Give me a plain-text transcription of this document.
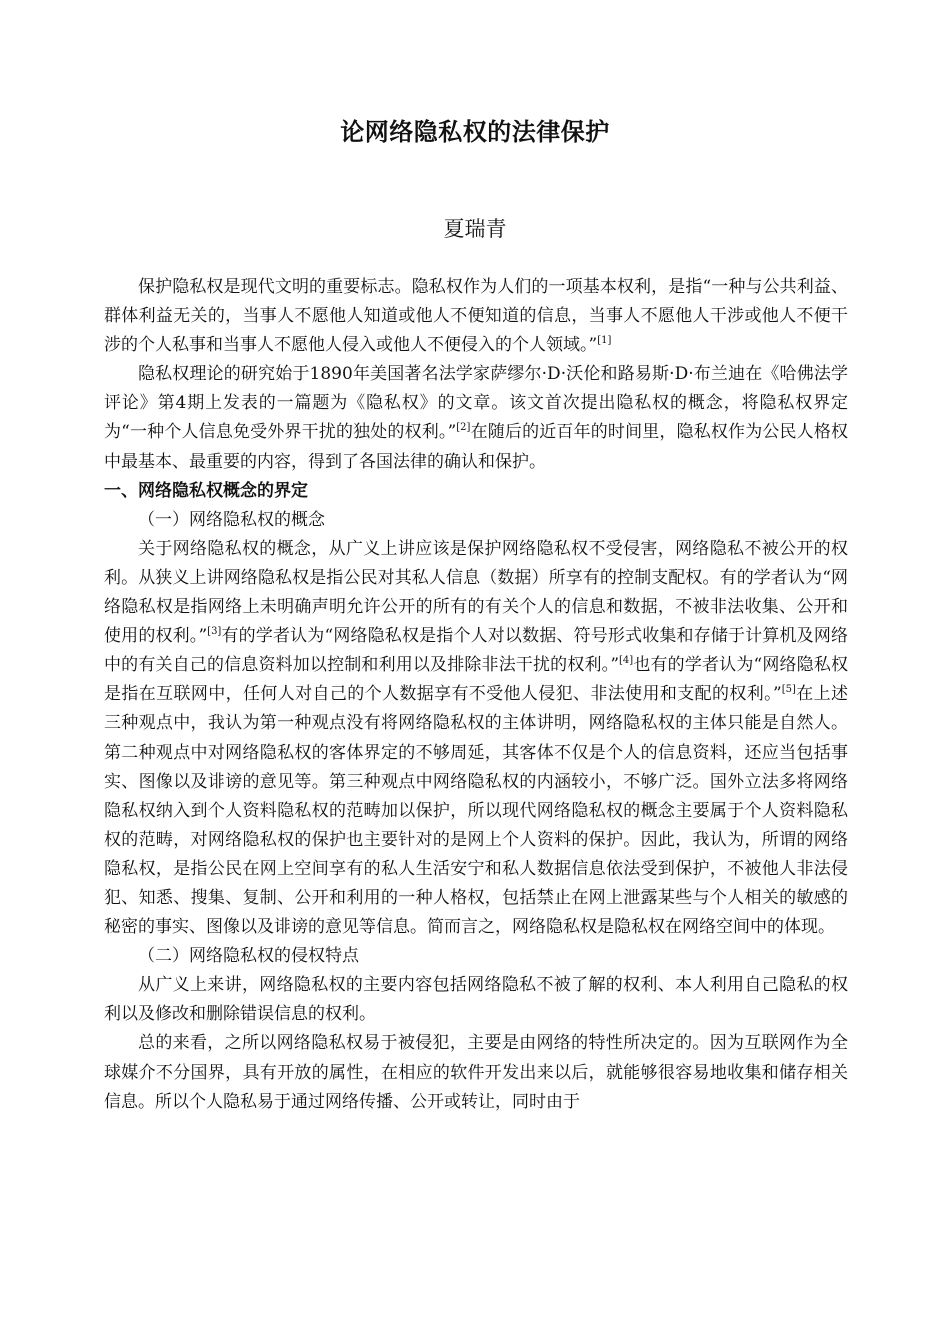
论网络隐私权的法律保护
夏瑞青

保护隐私权是现代文明的重要标志。隐私权作为人们的一项基本权利，是指“一种与公共利益、群体利益无关的，当事人不愿他人知道或他人不便知道的信息，当事人不愿他人干涉或他人不便干涉的个人私事和当事人不愿他人侵入或他人不便侵入的个人领域。”[1]

隐私权理论的研究始于1890年美国著名法学家萨缪尔·D·沃伦和路易斯·D·布兰迪在《哈佛法学评论》第4期上发表的一篇题为《隐私权》的文章。该文首次提出隐私权的概念，将隐私权界定为“一种个人信息免受外界干扰的独处的权利。”[2]在随后的近百年的时间里，隐私权作为公民人格权中最基本、最重要的内容，得到了各国法律的确认和保护。

一、网络隐私权概念的界定

（一）网络隐私权的概念

关于网络隐私权的概念，从广义上讲应该是保护网络隐私权不受侵害，网络隐私不被公开的权利。从狭义上讲网络隐私权是指公民对其私人信息（数据）所享有的控制支配权。有的学者认为“网络隐私权是指网络上未明确声明允许公开的所有的有关个人的信息和数据，不被非法收集、公开和使用的权利。”[3]有的学者认为“网络隐私权是指个人对以数据、符号形式收集和存储于计算机及网络中的有关自己的信息资料加以控制和利用以及排除非法干扰的权利。”[4]也有的学者认为“网络隐私权是指在互联网中，任何人对自己的个人数据享有不受他人侵犯、非法使用和支配的权利。”[5]在上述三种观点中，我认为第一种观点没有将网络隐私权的主体讲明，网络隐私权的主体只能是自然人。第二种观点中对网络隐私权的客体界定的不够周延，其客体不仅是个人的信息资料，还应当包括事实、图像以及诽谤的意见等。第三种观点中网络隐私权的内涵较小，不够广泛。国外立法多将网络隐私权纳入到个人资料隐私权的范畴加以保护，所以现代网络隐私权的概念主要属于个人资料隐私权的范畴，对网络隐私权的保护也主要针对的是网上个人资料的保护。因此，我认为，所谓的网络隐私权，是指公民在网上空间享有的私人生活安宁和私人数据信息依法受到保护，不被他人非法侵犯、知悉、搜集、复制、公开和利用的一种人格权，包括禁止在网上泄露某些与个人相关的敏感的秘密的事实、图像以及诽谤的意见等信息。简而言之，网络隐私权是隐私权在网络空间中的体现。

（二）网络隐私权的侵权特点

从广义上来讲，网络隐私权的主要内容包括网络隐私不被了解的权利、本人利用自己隐私的权利以及修改和删除错误信息的权利。

总的来看，之所以网络隐私权易于被侵犯，主要是由网络的特性所决定的。因为互联网作为全球媒介不分国界，具有开放的属性，在相应的软件开发出来以后，就能够很容易地收集和储存相关信息。所以个人隐私易于通过网络传播、公开或转让，同时由于
